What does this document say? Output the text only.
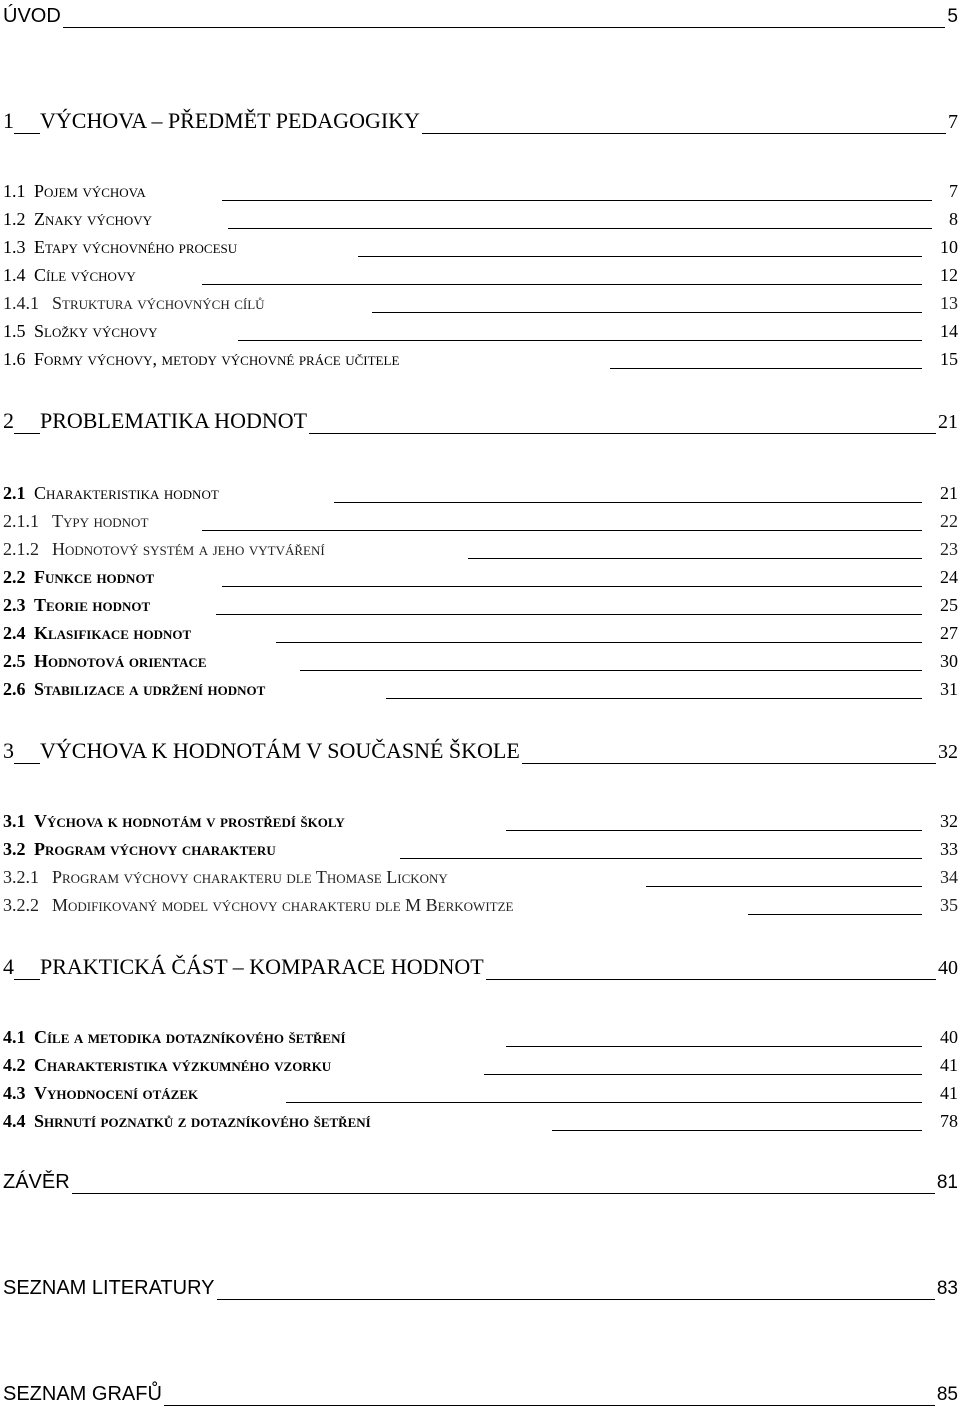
ÚVOD	5
1 VÝCHOVA – PŘEDMĚT PEDAGOGIKY	7
1.1 Pojem výchova	7
1.2 Znaky výchovy	8
1.3 Etapy výchovného procesu	10
1.4 Cíle výchovy	12
1.4.1 Struktura výchovných cílů	13
1.5 Složky výchovy	14
1.6 Formy výchovy, metody výchovné práce učitele	15
2 PROBLEMATIKA HODNOT	21
2.1 Charakteristika hodnot	21
2.1.1 Typy hodnot	22
2.1.2 Hodnotový systém a jeho vytváření	23
2.2 Funkce hodnot	24
2.3 Teorie hodnot	25
2.4 Klasifikace hodnot	27
2.5 Hodnotová orientace	30
2.6 Stabilizace a udržení hodnot	31
3 VÝCHOVA K HODNOTÁM V SOUČASNÉ ŠKOLE	32
3.1 Výchova k hodnotám v prostředí školy	32
3.2 Program výchovy charakteru	33
3.2.1 Program výchovy charakteru dle Thomase Lickony	34
3.2.2 Modifikovaný model výchovy charakteru dle M Berkowitze	35
4 PRAKTICKÁ ČÁST – KOMPARACE HODNOT	40
4.1 Cíle a metodika dotazníkového šetření	40
4.2 Charakteristika výzkumného vzorku	41
4.3 Vyhodnocení otázek	41
4.4 Shrnutí poznatků z dotazníkového šetření	78
ZÁVĚR	81
SEZNAM LITERATURY	83
SEZNAM GRAFŮ	85
